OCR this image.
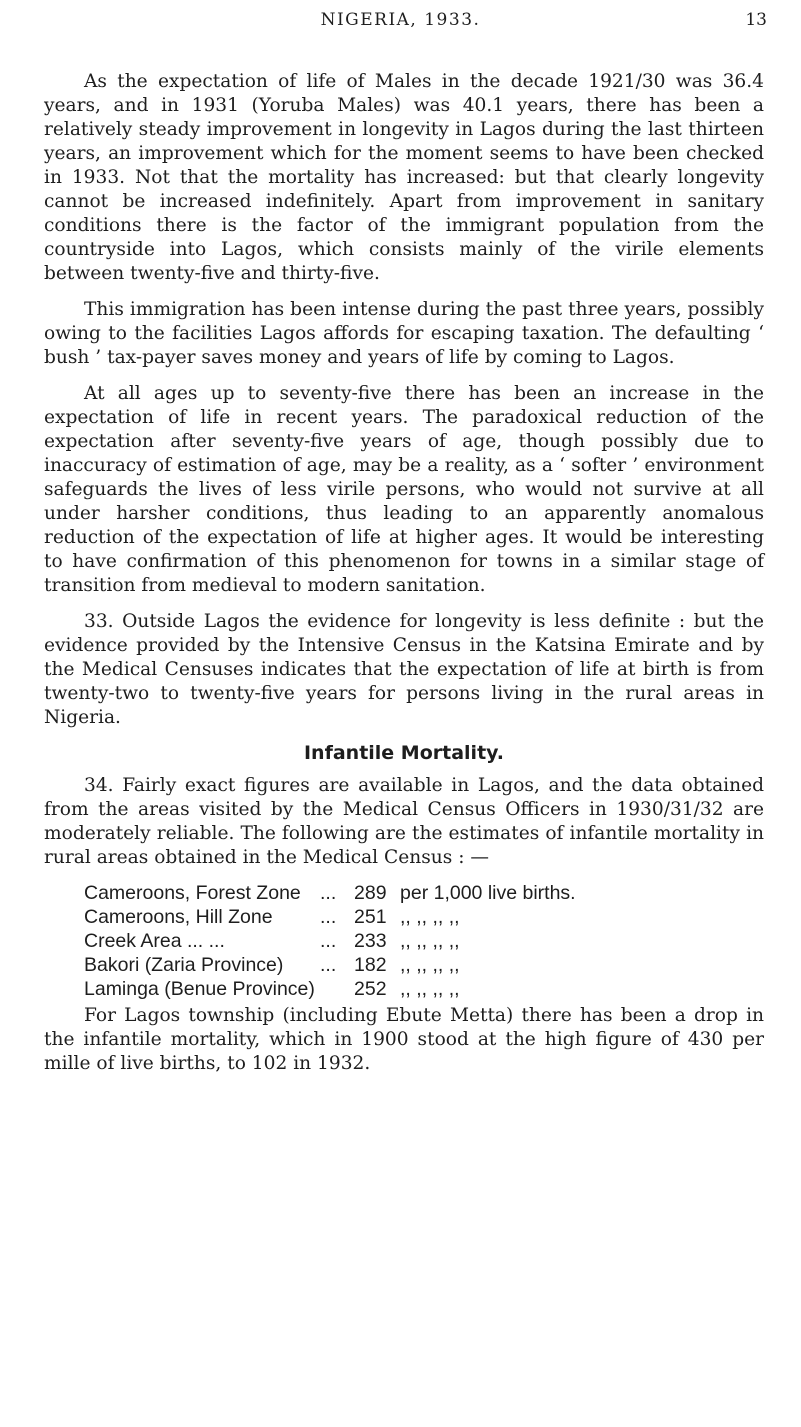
NIGERIA, 1933.	13

As the expectation of life of Males in the decade 1921/30 was 36.4 years, and in 1931 (Yoruba Males) was 40.1 years, there has been a relatively steady improvement in longevity in Lagos during the last thirteen years, an improvement which for the moment seems to have been checked in 1933. Not that the mortality has increased: but that clearly longevity cannot be increased indefinitely. Apart from improvement in sanitary conditions there is the factor of the immigrant population from the countryside into Lagos, which consists mainly of the virile elements between twenty-five and thirty-five.

This immigration has been intense during the past three years, possibly owing to the facilities Lagos affords for escaping taxation. The defaulting ‘ bush ’ tax-payer saves money and years of life by coming to Lagos.

At all ages up to seventy-five there has been an increase in the expectation of life in recent years. The paradoxical reduction of the expectation after seventy-five years of age, though possibly due to inaccuracy of estimation of age, may be a reality, as a ‘ softer ’ environment safeguards the lives of less virile persons, who would not survive at all under harsher conditions, thus leading to an apparently anomalous reduction of the expectation of life at higher ages. It would be interesting to have confirmation of this phenomenon for towns in a similar stage of transition from medieval to modern sanitation.

33. Outside Lagos the evidence for longevity is less definite : but the evidence provided by the Intensive Census in the Katsina Emirate and by the Medical Censuses indicates that the expectation of life at birth is from twenty-two to twenty-five years for persons living in the rural areas in Nigeria.

Infantile Mortality.

34. Fairly exact figures are available in Lagos, and the data obtained from the areas visited by the Medical Census Officers in 1930/31/32 are moderately reliable. The following are the estimates of infantile mortality in rural areas obtained in the Medical Census : —

Cameroons, Forest Zone	...	289	per 1,000 live births.
Cameroons, Hill Zone	...	251	,, ,, ,, ,,
Creek Area ... ...	...	233	,, ,, ,, ,,
Bakori (Zaria Province)	...	182	,, ,, ,, ,,
Lamingа (Benue Province)		252	,, ,, ,, ,,

For Lagos township (including Ebute Metta) there has been a drop in the infantile mortality, which in 1900 stood at the high figure of 430 per mille of live births, to 102 in 1932.
